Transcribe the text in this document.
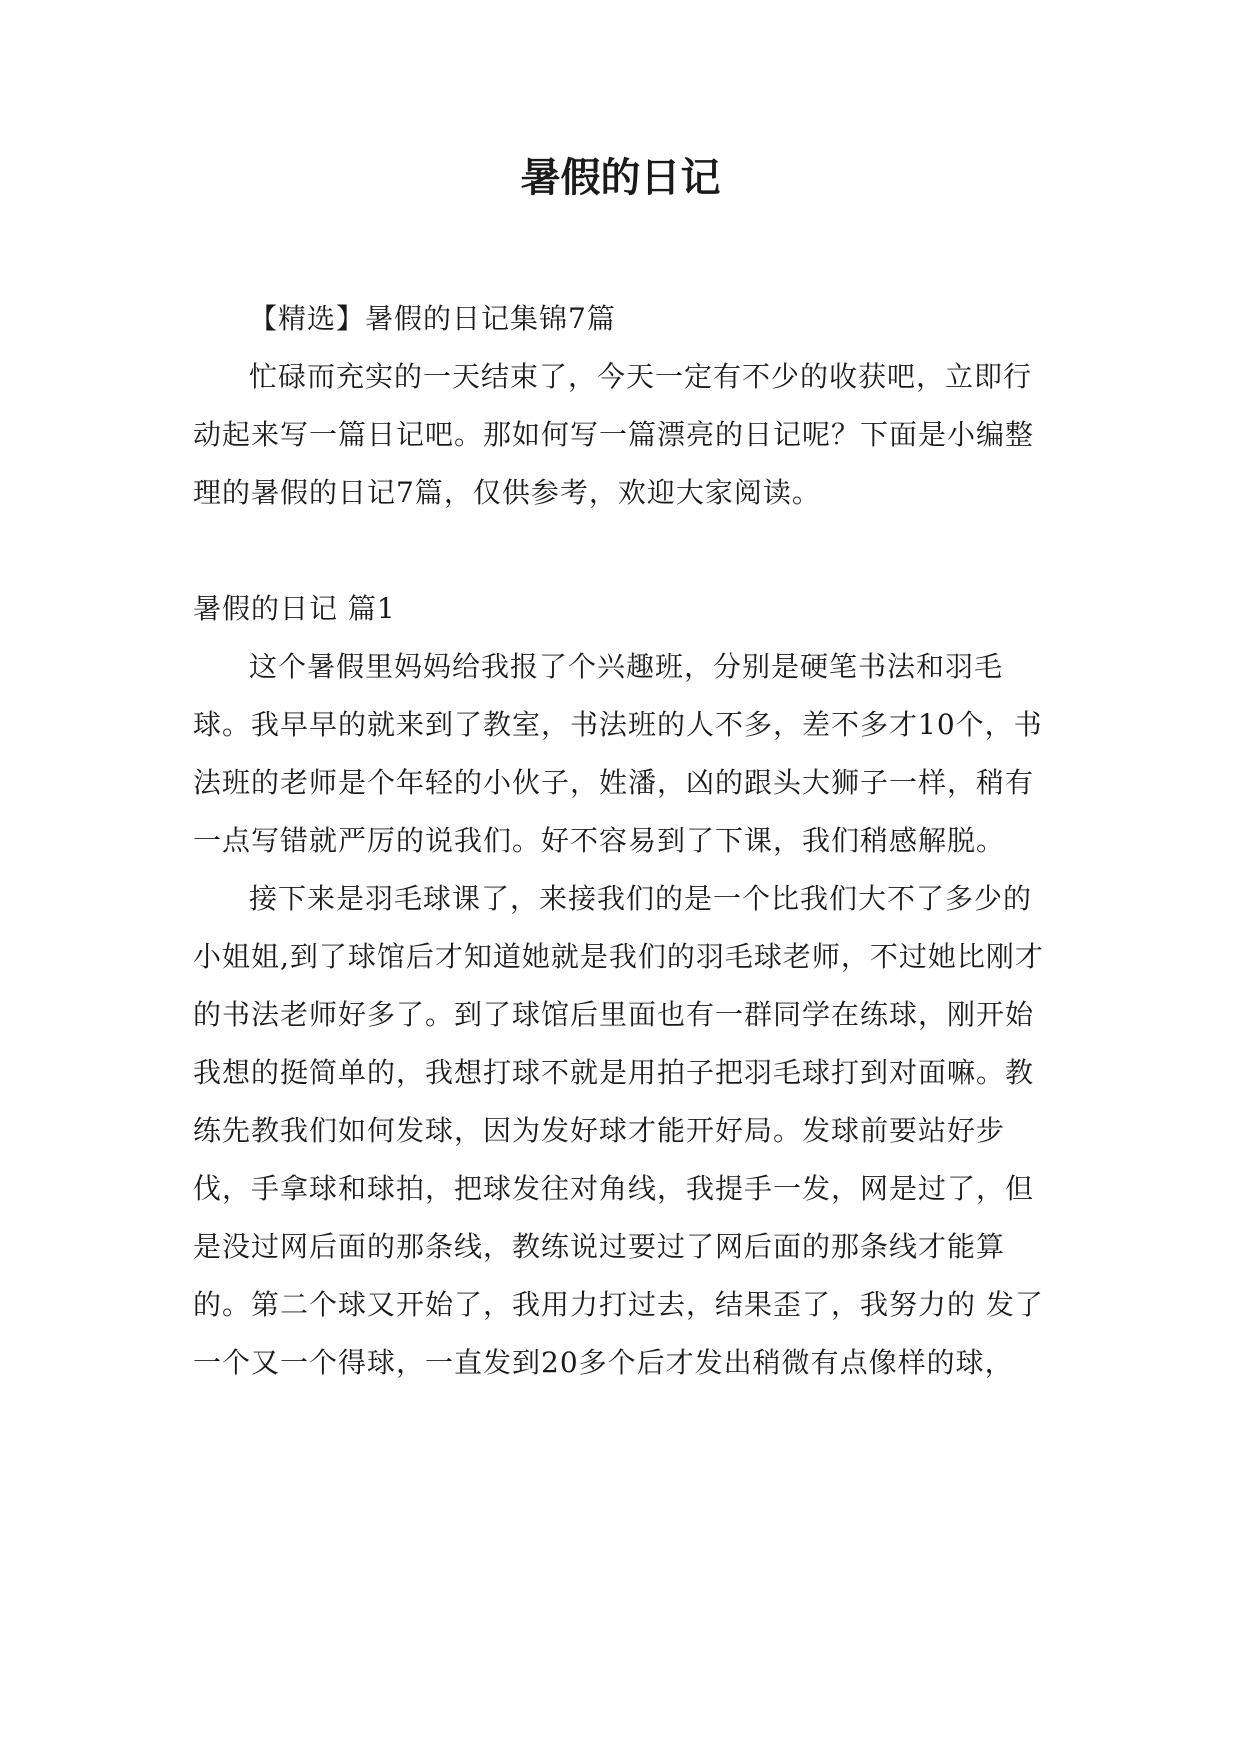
暑假的日记

【精选】暑假的日记集锦7篇

忙碌而充实的一天结束了，今天一定有不少的收获吧，立即行动起来写一篇日记吧。那如何写一篇漂亮的日记呢？下面是小编整理的暑假的日记7篇，仅供参考，欢迎大家阅读。

暑假的日记 篇1

这个暑假里妈妈给我报了个兴趣班，分别是硬笔书法和羽毛球。我早早的就来到了教室，书法班的人不多，差不多才10个，书法班的老师是个年轻的小伙子，姓潘，凶的跟头大狮子一样，稍有一点写错就严厉的说我们。好不容易到了下课，我们稍感解脱。

接下来是羽毛球课了，来接我们的是一个比我们大不了多少的小姐姐,到了球馆后才知道她就是我们的羽毛球老师，不过她比刚才的书法老师好多了。到了球馆后里面也有一群同学在练球，刚开始我想的挺简单的，我想打球不就是用拍子把羽毛球打到对面嘛。教练先教我们如何发球，因为发好球才能开好局。发球前要站好步伐，手拿球和球拍，把球发往对角线，我提手一发，网是过了，但是没过网后面的那条线，教练说过要过了网后面的那条线才能算的。第二个球又开始了，我用力打过去，结果歪了，我努力的 发了一个又一个得球，一直发到20多个后才发出稍微有点像样的球，
